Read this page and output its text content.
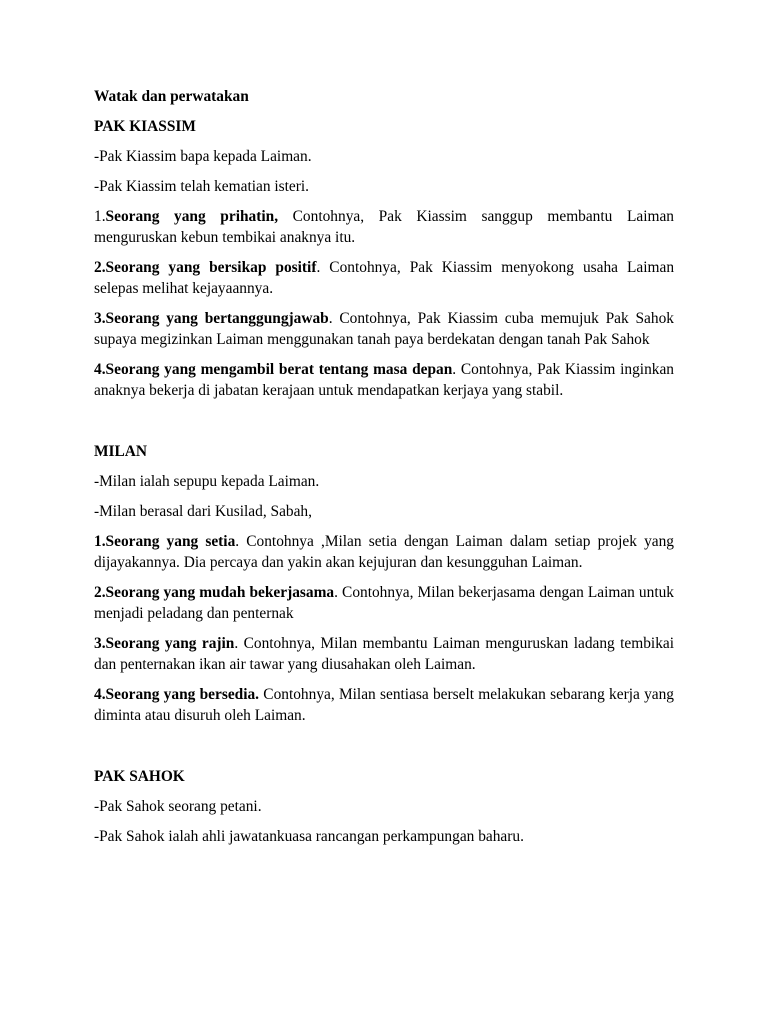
Watak dan perwatakan

PAK KIASSIM

-Pak Kiassim bapa kepada Laiman.

-Pak Kiassim telah kematian isteri.

1.Seorang yang prihatin, Contohnya, Pak Kiassim sanggup membantu Laiman menguruskan kebun tembikai anaknya itu.

2.Seorang yang bersikap positif. Contohnya, Pak Kiassim menyokong usaha Laiman selepas melihat kejayaannya.

3.Seorang yang bertanggungjawab. Contohnya, Pak Kiassim cuba memujuk Pak Sahok supaya megizinkan Laiman menggunakan tanah paya berdekatan dengan tanah Pak Sahok

4.Seorang yang mengambil berat tentang masa depan. Contohnya, Pak Kiassim inginkan anaknya bekerja di jabatan kerajaan untuk mendapatkan kerjaya yang stabil.

MILAN

-Milan ialah sepupu kepada Laiman.

-Milan berasal dari Kusilad, Sabah,

1.Seorang yang setia. Contohnya ,Milan setia dengan Laiman dalam setiap projek yang dijayakannya. Dia percaya dan yakin akan kejujuran dan kesungguhan Laiman.

2.Seorang yang mudah bekerjasama. Contohnya, Milan bekerjasama dengan Laiman untuk menjadi peladang dan penternak

3.Seorang yang rajin. Contohnya, Milan membantu Laiman menguruskan ladang tembikai dan penternakan ikan air tawar yang diusahakan oleh Laiman.

4.Seorang yang bersedia. Contohnya, Milan sentiasa berselt melakukan sebarang kerja yang diminta atau disuruh oleh Laiman.

PAK SAHOK

-Pak Sahok seorang petani.

-Pak Sahok ialah ahli jawatankuasa rancangan perkampungan baharu.
